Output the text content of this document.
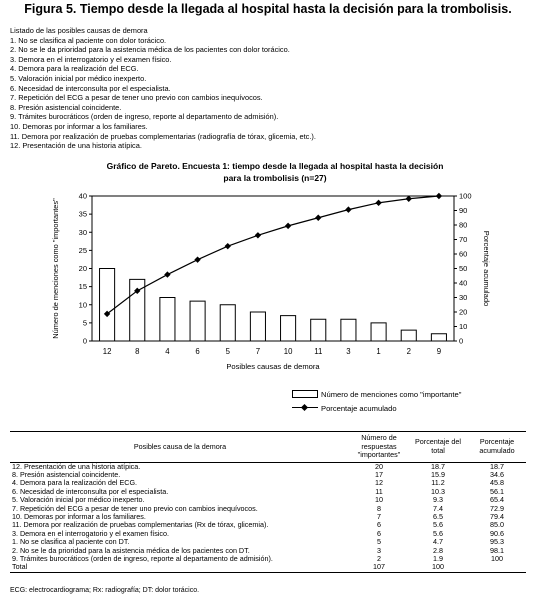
Figura 5. Tiempo desde la llegada al hospital hasta la decisión para la trombolisis.
Listado de las posibles causas de demora
1. No se clasifica al paciente con dolor torácico.
2. No se le da prioridad para la asistencia médica de los pacientes con dolor torácico.
3. Demora en el interrogatorio y el examen físico.
4. Demora para la realización del ECG.
5. Valoración inicial por médico inexperto.
6. Necesidad de interconsulta por el especialista.
7. Repetición del ECG a pesar de tener uno previo con cambios inequívocos.
8. Presión asistencial coincidente.
9. Trámites burocráticos (orden de ingreso, reporte al departamento de admisión).
10. Demoras por informar a los familiares.
11. Demora por realización de pruebas complementarias (radiografía de tórax, glicemia, etc.).
12. Presentación de una historia atípica.
Gráfico de Pareto. Encuesta 1: tiempo desde la llegada al hospital hasta la decisión
para la trombolisis (n=27)
0
5
10
15
20
25
30
35
40
0
10
20
30
40
50
60
70
80
90
100
12	8	4	6	5	7	10	11	3	1	2	9
Posibles causas de demora
Número de menciones como "importantes"	Porcentaje acumulado
Número de menciones como "importante"
Porcentaje acumulado
Posibles causa de la demora	Número de respuestas "importantes"	Porcentaje del total	Porcentaje acumulado
12. Presentación de una historia atípica.	20	18.7	18.7
8. Presión asistencial coincidente.	17	15.9	34.6
4. Demora para la realización del ECG.	12	11.2	45.8
6. Necesidad de interconsulta por el especialista.	11	10.3	56.1
5. Valoración inicial por médico inexperto.	10	9.3	65.4
7. Repetición del ECG a pesar de tener uno previo con cambios inequívocos.	8	7.4	72.9
10. Demoras por informar a los familiares.	7	6.5	79.4
11. Demora por realización de pruebas complementarias (Rx de tórax, glicemia).	6	5.6	85.0
3. Demora en el interrogatorio y el examen físico.	6	5.6	90.6
1. No se clasifica al paciente con DT.	5	4.7	95.3
2. No se le da prioridad para la asistencia médica de los pacientes con DT.	3	2.8	98.1
9. Trámites burocráticos (orden de ingreso, reporte al departamento de admisión).	2	1.9	100
Total	107	100	
ECG: electrocardiograma; Rx: radiografía; DT: dolor torácico.
